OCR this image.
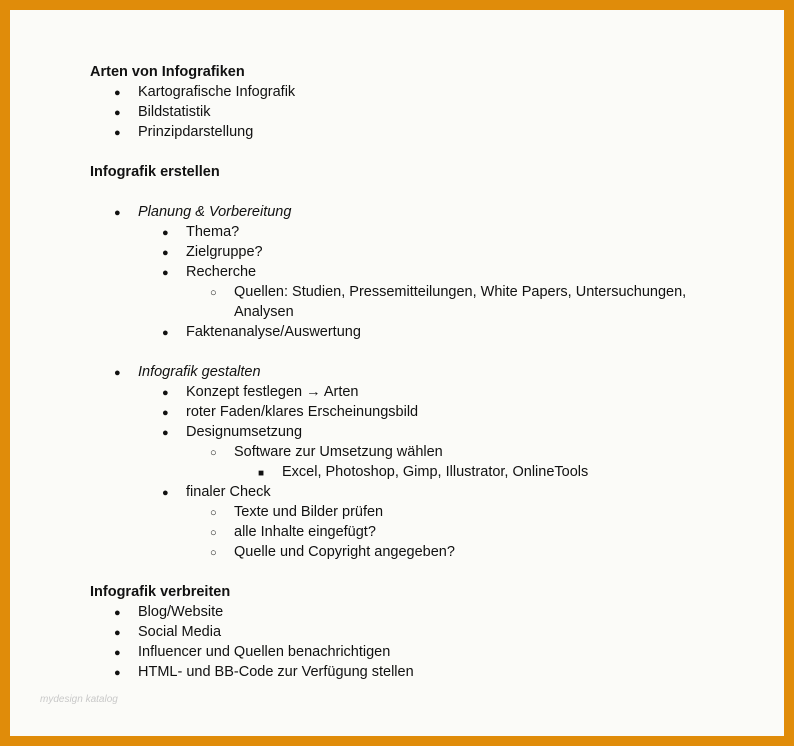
Arten von Infografiken

●
Kartografische Infografik
●
Bildstatistik
●
Prinzipdarstellung

Infografik erstellen

●
Planung & Vorbereitung
●
Thema?
●
Zielgruppe?
●
Recherche
○
Quellen: Studien, Pressemitteilungen, White Papers, Untersuchungen, Analysen
●
Faktenanalyse/Auswertung
●
Infografik gestalten
●
Konzept festlegen → Arten
●
roter Faden/klares Erscheinungsbild
●
Designumsetzung
○
Software zur Umsetzung wählen
■
Excel, Photoshop, Gimp, Illustrator, OnlineTools
●
finaler Check
○
Texte und Bilder prüfen
○
alle Inhalte eingefügt?
○
Quelle und Copyright angegeben?

Infografik verbreiten

●
Blog/Website
●
Social Media
●
Influencer und Quellen benachrichtigen
●
HTML- und BB-Code zur Verfügung stellen
mydesign katalog
